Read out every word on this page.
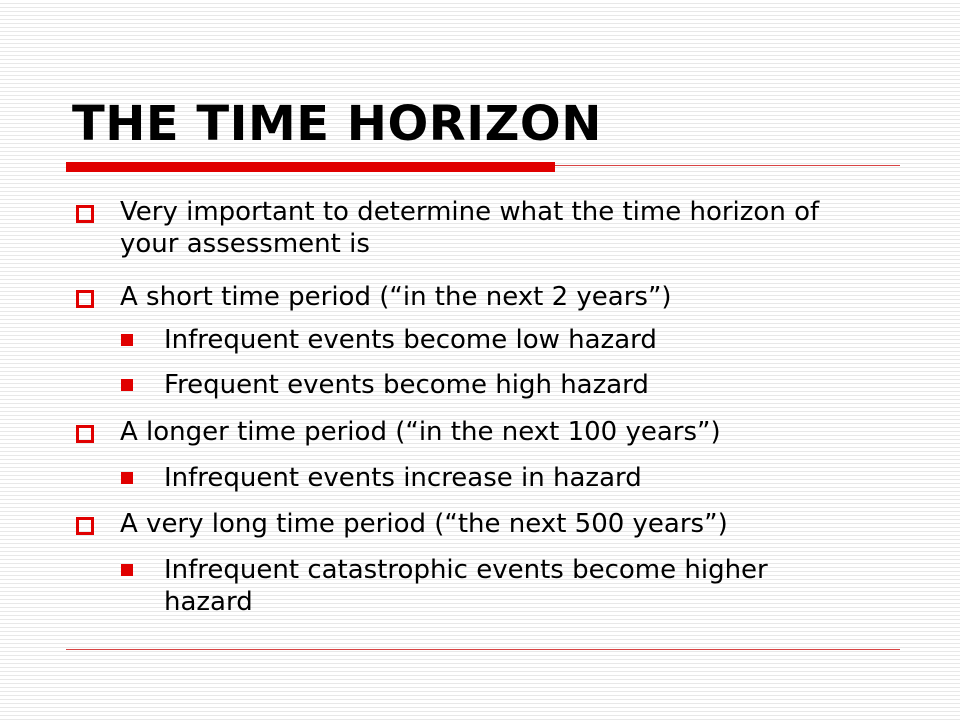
THE TIME HORIZON
Very important to determine what the time horizon of your assessment is
A short time period (“in the next 2 years”)
Infrequent events become low hazard
Frequent events become high hazard
A longer time period (“in the next 100 years”)
Infrequent events increase in hazard
A very long time period (“the next 500 years”)
Infrequent catastrophic events become higher hazard
